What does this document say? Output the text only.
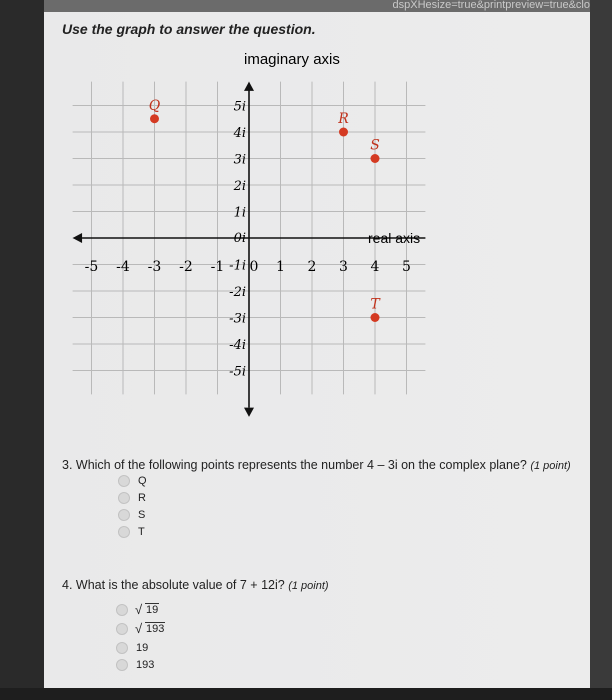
dspXHesize=true&printpreview=true&clo
Use the graph to answer the question.
-5 -4 -3 -2 -1 0 1 2 3 4 5
5i
4i
3i
2i
1i
0i
-1i
-2i
-3i
-4i
-5i
Q
R
S
T
imaginary axis
real axis
3. Which of the following points represents the number 4 – 3i on the complex plane? (1 point)
Q
R
S
T
4. What is the absolute value of 7 + 12i? (1 point)
√ 19
√ 193
19
193
